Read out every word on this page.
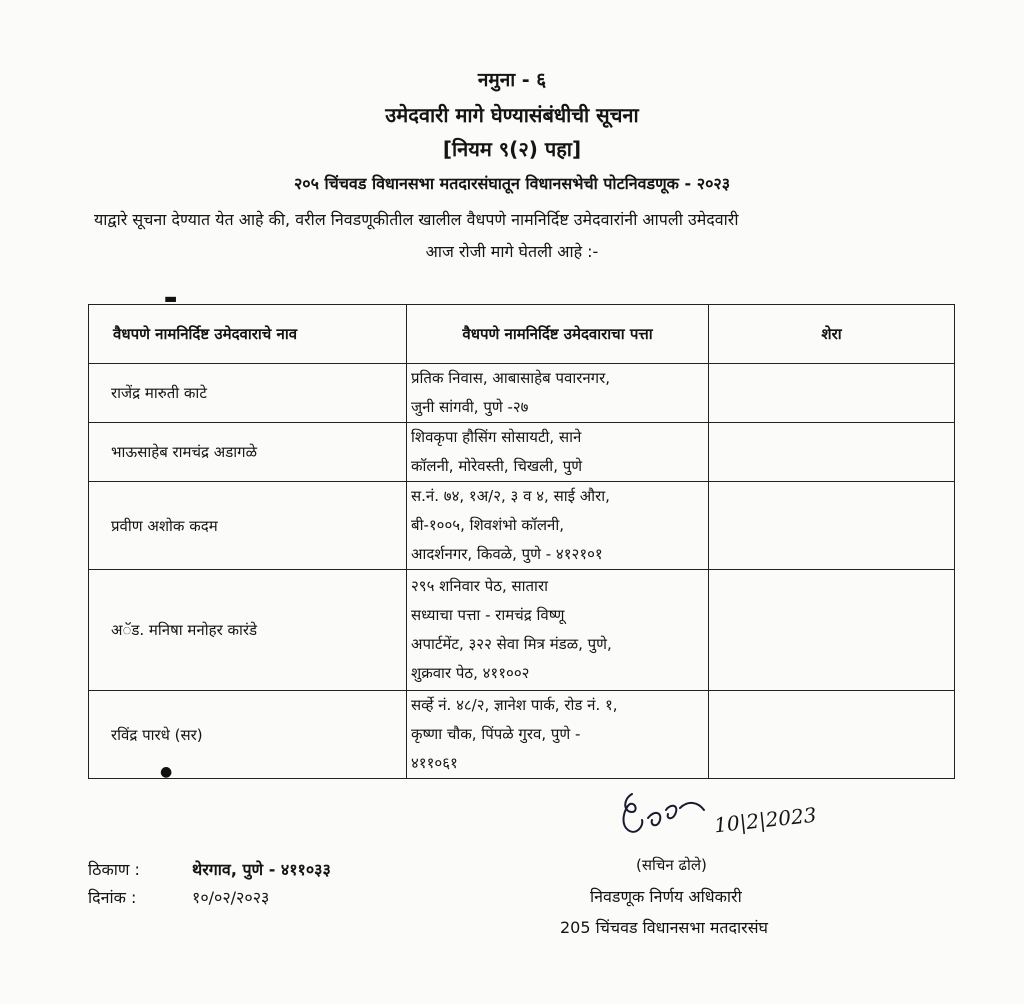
नमुना - ६
उमेदवारी मागे घेण्यासंबंधीची सूचना
[नियम ९(२) पहा]
२०५ चिंचवड विधानसभा मतदारसंघातून विधानसभेची पोटनिवडणूक - २०२३
याद्वारे सूचना देण्यात येत आहे की, वरील निवडणूकीतील खालील वैधपणे नामनिर्दिष्ट उमेदवारांनी आपली उमेदवारी
आज रोजी मागे घेतली आहे :-
▬
वैधपणे नामनिर्दिष्ट उमेदवाराचे नाव	वैधपणे नामनिर्दिष्ट उमेदवाराचा पत्ता	शेरा
राजेंद्र मारुती काटे	प्रतिक निवास, आबासाहेब पवारनगर,
जुनी सांगवी, पुणे -२७	

भाऊसाहेब रामचंद्र अडागळे	शिवकृपा हौसिंग सोसायटी, साने
कॉलनी, मोरेवस्ती, चिखली, पुणे	

प्रवीण अशोक कदम	स.नं. ७४, १अ/२, ३ व ४, साई औरा,
बी-१००५, शिवशंभो कॉलनी,
आदर्शनगर, किवळे, पुणे - ४१२१०१	

अॅड. मनिषा मनोहर कारंडे	२९५ शनिवार पेठ, सातारा
सध्याचा पत्ता - रामचंद्र विष्णू
अपार्टमेंट, ३२२ सेवा मित्र मंडळ, पुणे,
शुक्रवार पेठ, ४११००२	

रविंद्र पारधे (सर)	सर्व्हे नं. ४८/२, ज्ञानेश पार्क, रोड नं. १,
कृष्णा चौक, पिंपळे गुरव, पुणे -
४११०६१	

●
10|2|2023
(सचिन ढोले)
निवडणूक निर्णय अधिकारी
205 चिंचवड विधानसभा मतदारसंघ
ठिकाण :	थेरगाव, पुणे - ४११०३३
दिनांक :	१०/०२/२०२३
